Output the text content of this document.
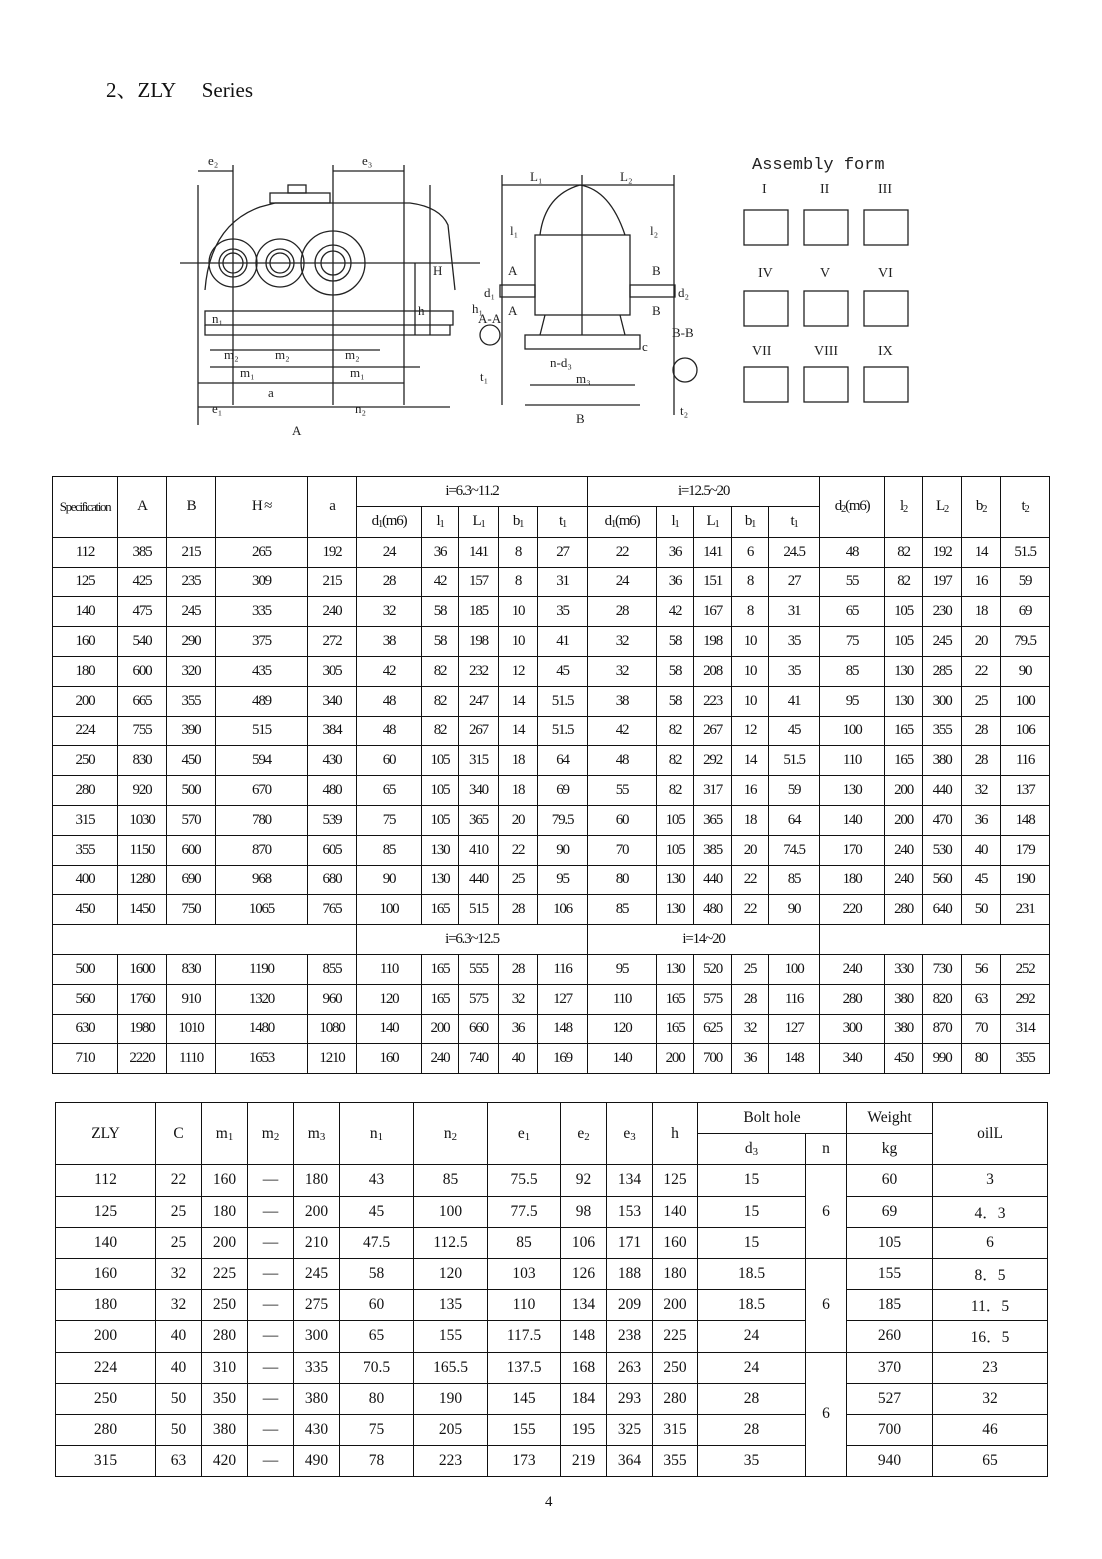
2、ZLY     Series
e₂	e₃
H
h
n₁
m₂	m₂	m₂
m₁	m₁
a
e₁	n₂
A
L₁	L₂
l₁	l₂
A
A
B
B
d₁	d₂
h₁
A-A
B-B
c
n-d₃
m₃
t₁
t₂
B
Assembly form
I	II	III
IV	V	VI
VII	VIII	IX
Specification	A	B	H ≈	a	i=6.3~11.2					i=12.5~20					$d_2(m6)$	$l_2$	$L_2$	$b_2$	$t_2$
					$d_1(m6)$	$l_1$	$L_1$	$b_1$	$t_1$	$d_1(m6)$	$l_1$	$L_1$	$b_1$	$t_1$
112	385	215	265	192	24	36	141	8	27	22	36	141	6	24.5	48	82	192	14	51.5
125	425	235	309	215	28	42	157	8	31	24	36	151	8	27	55	82	197	16	59
140	475	245	335	240	32	58	185	10	35	28	42	167	8	31	65	105	230	18	69
160	540	290	375	272	38	58	198	10	41	32	58	198	10	35	75	105	245	20	79.5
180	600	320	435	305	42	82	232	12	45	32	58	208	10	35	85	130	285	22	90
200	665	355	489	340	48	82	247	14	51.5	38	58	223	10	41	95	130	300	25	100
224	755	390	515	384	48	82	267	14	51.5	42	82	267	12	45	100	165	355	28	106
250	830	450	594	430	60	105	315	18	64	48	82	292	14	51.5	110	165	380	28	116
280	920	500	670	480	65	105	340	18	69	55	82	317	16	59	130	200	440	32	137
315	1030	570	780	539	75	105	365	20	79.5	60	105	365	18	64	140	200	470	36	148
355	1150	600	870	605	85	130	410	22	90	70	105	385	20	74.5	170	240	530	40	179
400	1280	690	968	680	90	130	440	25	95	80	130	440	22	85	180	240	560	45	190
450	1450	750	1065	765	100	165	515	28	106	85	130	480	22	90	220	280	640	50	231
					i=6.3~12.5					i=14~20									
500	1600	830	1190	855	110	165	555	28	116	95	130	520	25	100	240	330	730	56	252
560	1760	910	1320	960	120	165	575	32	127	110	165	575	28	116	280	380	820	63	292
630	1980	1010	1480	1080	140	200	660	36	148	120	165	625	32	127	300	380	870	70	314
710	2220	1110	1653	1210	160	240	740	40	169	140	200	700	36	148	340	450	990	80	355
ZLY	C	$m_1$	$m_2$	$m_3$	$n_1$	$n_2$	$e_1$	$e_2$	$e_3$	h	Bolt hole		Weight	oilL
											$d_3$	n	kg	
112	22	160	—	180	43	85	75.5	92	134	125	15	6	60	3
125	25	180	—	200	45	100	77.5	98	153	140	15		69	4．3
140	25	200	—	210	47.5	112.5	85	106	171	160	15		105	6
160	32	225	—	245	58	120	103	126	188	180	18.5	6	155	8．5
180	32	250	—	275	60	135	110	134	209	200	18.5		185	11．5
200	40	280	—	300	65	155	117.5	148	238	225	24		260	16．5
224	40	310	—	335	70.5	165.5	137.5	168	263	250	24	6	370	23
250	50	350	—	380	80	190	145	184	293	280	28		527	32
280	50	380	—	430	75	205	155	195	325	315	28		700	46
315	63	420	—	490	78	223	173	219	364	355	35		940	65
4
